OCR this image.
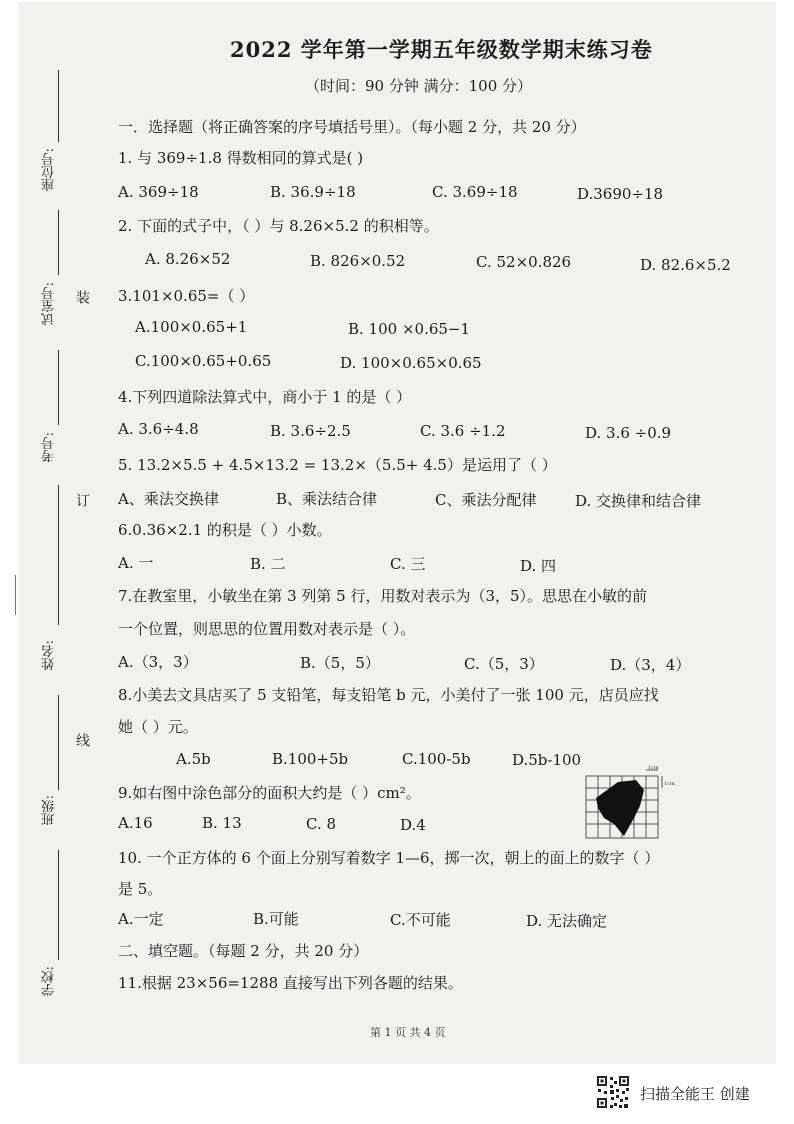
座位号:
试室号:
考号:
姓名:
班级:
学校:
装
订
线
2022 学年第一学期五年级数学期末练习卷
（时间：90 分钟 满分：100 分）
一．选择题（将正确答案的序号填括号里）。（每小题 2 分，共 20 分）
1. 与 369÷1.8 得数相同的算式是( )
A. 369÷18	B. 36.9÷18	C. 3.69÷18	D.3690÷18
2. 下面的式子中，（ ）与 8.26×5.2 的积相等。
A. 8.26×52	B. 826×0.52	C. 52×0.826	D. 82.6×5.2
3.101×0.65=（ ）
A.100×0.65+1	B. 100 ×0.65−1
C.100×0.65+0.65	D. 100×0.65×0.65
4.下列四道除法算式中，商小于 1 的是（ ）
A. 3.6÷4.8	B. 3.6÷2.5	C. 3.6 ÷1.2	D. 3.6 ÷0.9
5. 13.2×5.5 + 4.5×13.2 = 13.2×（5.5+ 4.5）是运用了（ ）
A、乘法交换律	B、乘法结合律	C、乘法分配律	D. 交换律和结合律
6.0.36×2.1 的积是（ ）小数。
A. 一	B. 二	C. 三	D. 四
7.在教室里，小敏坐在第 3 列第 5 行，用数对表示为（3，5）。思思在小敏的前
一个位置，则思思的位置用数对表示是（ ）。
A.（3，3）	B.（5，5）	C.（5，3）	D.（3，4）
8.小美去文具店买了 5 支铅笔，每支铅笔 b 元，小美付了一张 100 元，店员应找
她（ ）元。
A.5b	B.100+5b	C.100-5b	D.5b-100
9.如右图中涂色部分的面积大约是（ ）cm²。
A.16	B. 13	C. 8	D.4
1cm
1cm
10. 一个正方体的 6 个面上分别写着数字 1—6，掷一次，朝上的面上的数字（ ）
是 5。
A.一定	B.可能	C.不可能	D. 无法确定
二、填空题。（每题 2 分，共 20 分）
11.根据 23×56=1288 直接写出下列各题的结果。
第 1 页 共 4 页
扫描全能王 创建
